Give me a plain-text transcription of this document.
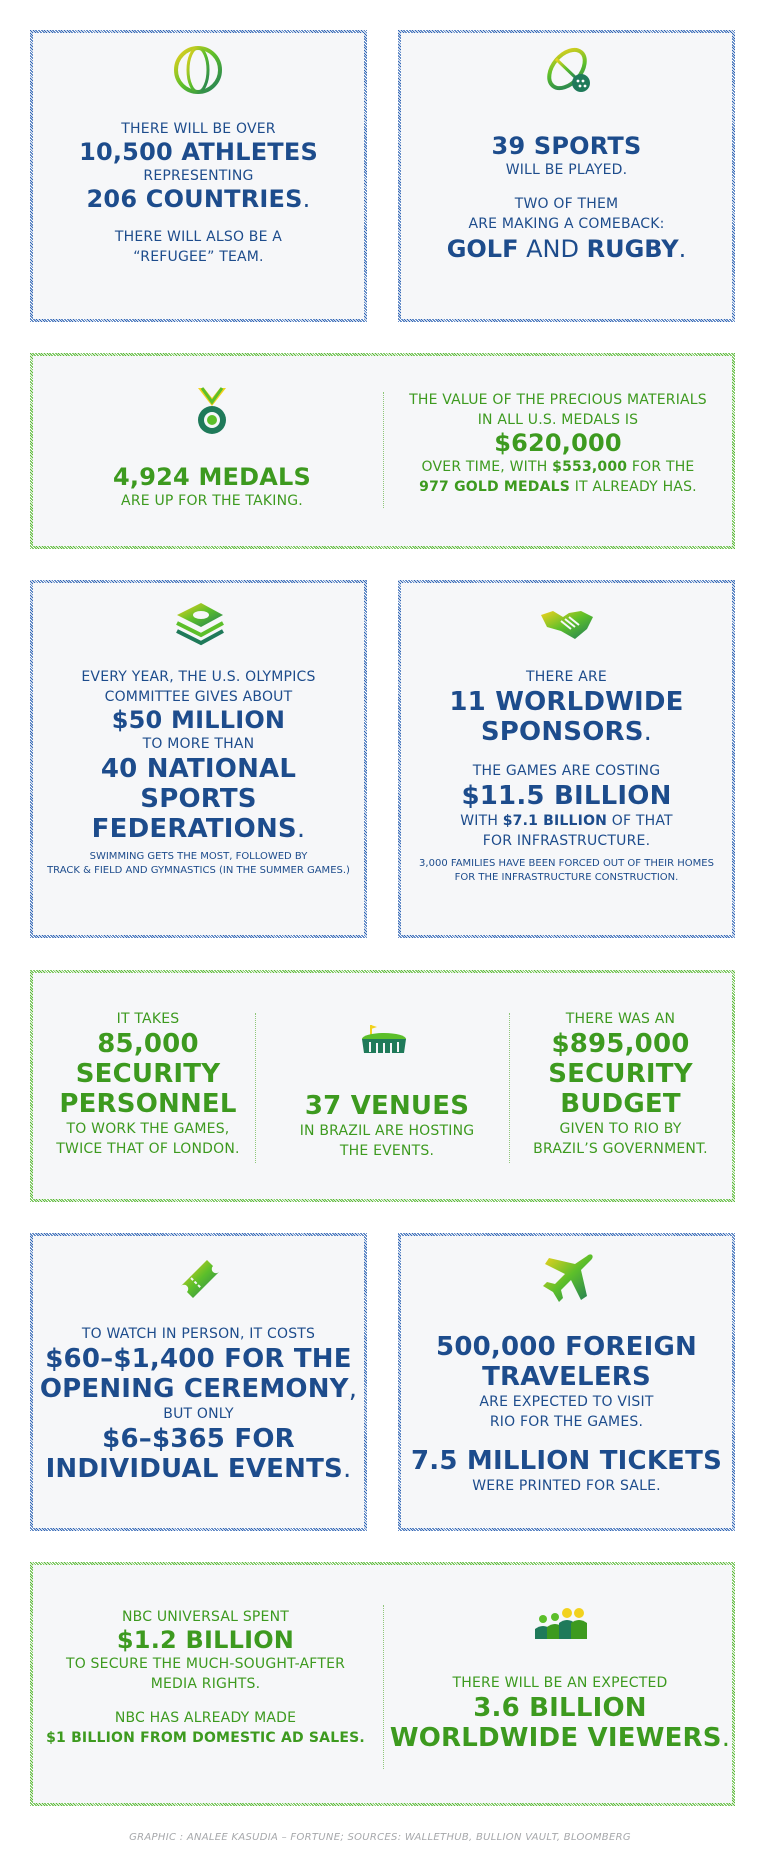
THERE WILL BE OVER
10,500 ATHLETES
REPRESENTING
206 COUNTRIES.
THERE WILL ALSO BE A
“REFUGEE” TEAM.
39 SPORTS
WILL BE PLAYED.
TWO OF THEM
ARE MAKING A COMEBACK:
GOLF AND RUGBY.
4,924 MEDALS
ARE UP FOR THE TAKING.
THE VALUE OF THE PRECIOUS MATERIALS
IN ALL U.S. MEDALS IS
$620,000
OVER TIME, WITH $553,000 FOR THE
977 GOLD MEDALS IT ALREADY HAS.
EVERY YEAR, THE U.S. OLYMPICS
COMMITTEE GIVES ABOUT
$50 MILLION
TO MORE THAN
40 NATIONAL
SPORTS
FEDERATIONS.
SWIMMING GETS THE MOST, FOLLOWED BY
TRACK & FIELD AND GYMNASTICS (IN THE SUMMER GAMES.)
THERE ARE
11 WORLDWIDE
SPONSORS.
THE GAMES ARE COSTING
$11.5 BILLION
WITH $7.1 BILLION OF THAT
FOR INFRASTRUCTURE.
3,000 FAMILIES HAVE BEEN FORCED OUT OF THEIR HOMES
FOR THE INFRASTRUCTURE CONSTRUCTION.
IT TAKES
85,000
SECURITY
PERSONNEL
TO WORK THE GAMES,
TWICE THAT OF LONDON.
37 VENUES
IN BRAZIL ARE HOSTING
THE EVENTS.
THERE WAS AN
$895,000
SECURITY
BUDGET
GIVEN TO RIO BY
BRAZIL’S GOVERNMENT.
TO WATCH IN PERSON, IT COSTS
$60–$1,400 FOR THE
OPENING CEREMONY,
BUT ONLY
$6–$365 FOR
INDIVIDUAL EVENTS.
500,000 FOREIGN
TRAVELERS
ARE EXPECTED TO VISIT
RIO FOR THE GAMES.
7.5 MILLION TICKETS
WERE PRINTED FOR SALE.
NBC UNIVERSAL SPENT
$1.2 BILLION
TO SECURE THE MUCH-SOUGHT-AFTER
MEDIA RIGHTS.
NBC HAS ALREADY MADE
$1 BILLION FROM DOMESTIC AD SALES.
THERE WILL BE AN EXPECTED
3.6 BILLION
WORLDWIDE VIEWERS.
GRAPHIC : ANALEE KASUDIA – FORTUNE; SOURCES: WALLETHUB, BULLION VAULT, BLOOMBERG
